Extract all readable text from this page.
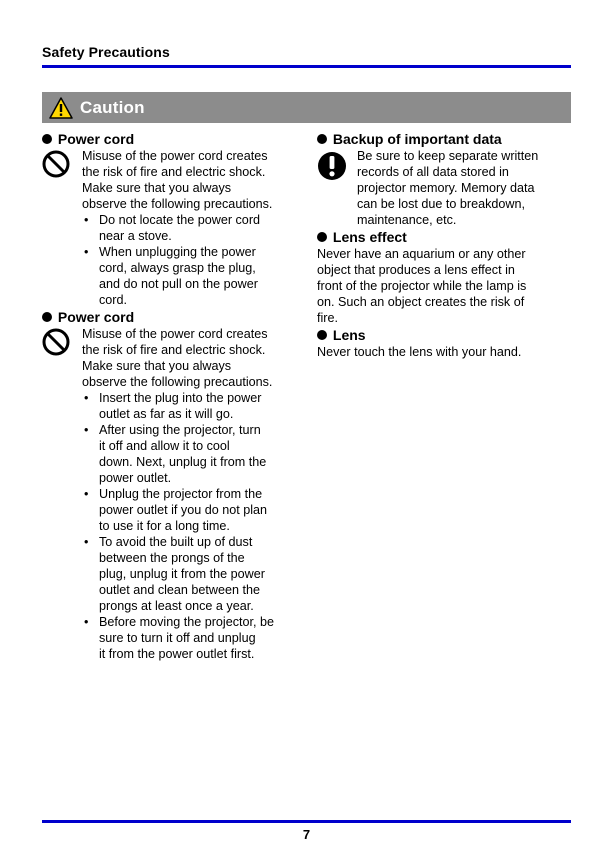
Safety Precautions
Caution
Power cord
Misuse of the power cord creates
the risk of fire and electric shock.
Make sure that you always
observe the following precautions.
• Do not locate the power cord
near a stove.
• When unplugging the power
cord, always grasp the plug,
and do not pull on the power
cord.
Power cord
Misuse of the power cord creates
the risk of fire and electric shock.
Make sure that you always
observe the following precautions.
• Insert the plug into the power
outlet as far as it will go.
• After using the projector, turn
it off and allow it to cool
down. Next, unplug it from the
power outlet.
• Unplug the projector from the
power outlet if you do not plan
to use it for a long time.
• To avoid the built up of dust
between the prongs of the
plug, unplug it from the power
outlet and clean between the
prongs at least once a year.
• Before moving the projector, be
sure to turn it off and unplug
it from the power outlet first.
Backup of important data
Be sure to keep separate written
records of all data stored in
projector memory. Memory data
can be lost due to breakdown,
maintenance, etc.
Lens effect
Never have an aquarium or any other
object that produces a lens effect in
front of the projector while the lamp is
on. Such an object creates the risk of
fire.
Lens
Never touch the lens with your hand.
7
